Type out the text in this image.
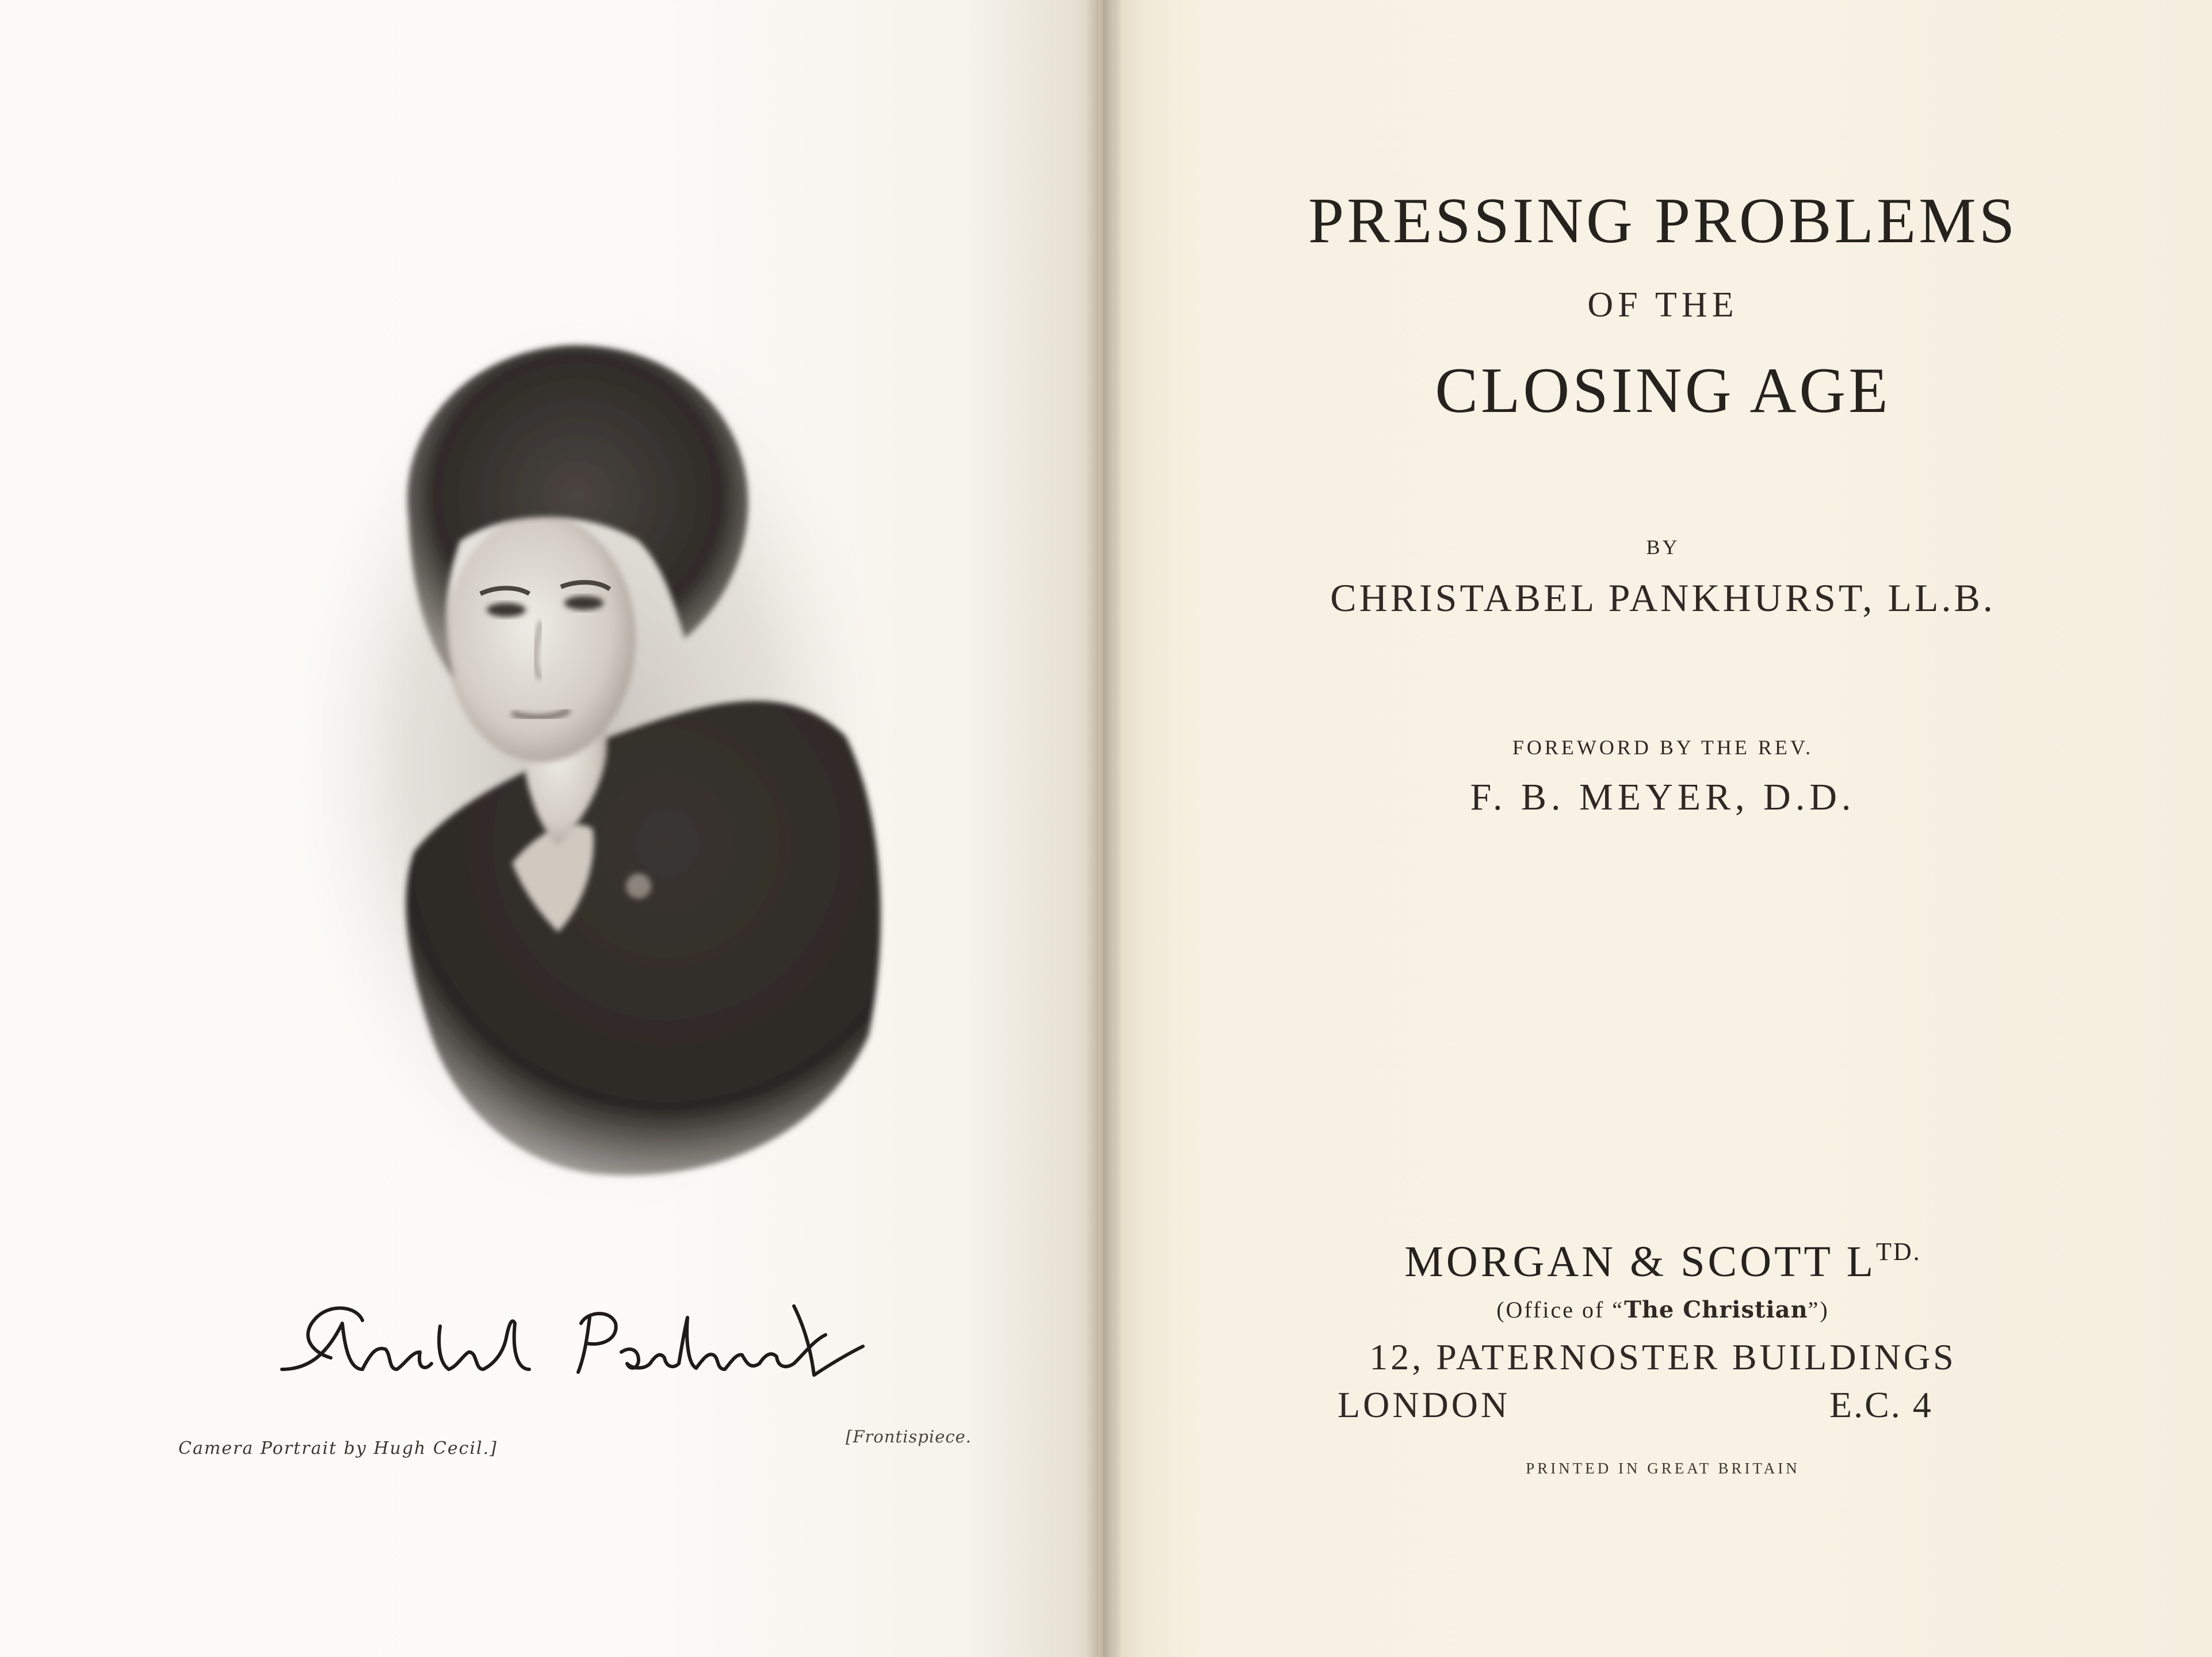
Camera Portrait by Hugh Cecil.]
[Frontispiece.
PRESSING PROBLEMS
OF THE
CLOSING AGE
BY
CHRISTABEL PANKHURST, LL.B.
FOREWORD BY THE REV.
F. B. MEYER, D.D.
MORGAN & SCOTT $L^{TD.}$
(Office of “The Christian”)
12, PATERNOSTER BUILDINGS
LONDON	E.C. 4
PRINTED IN GREAT BRITAIN
